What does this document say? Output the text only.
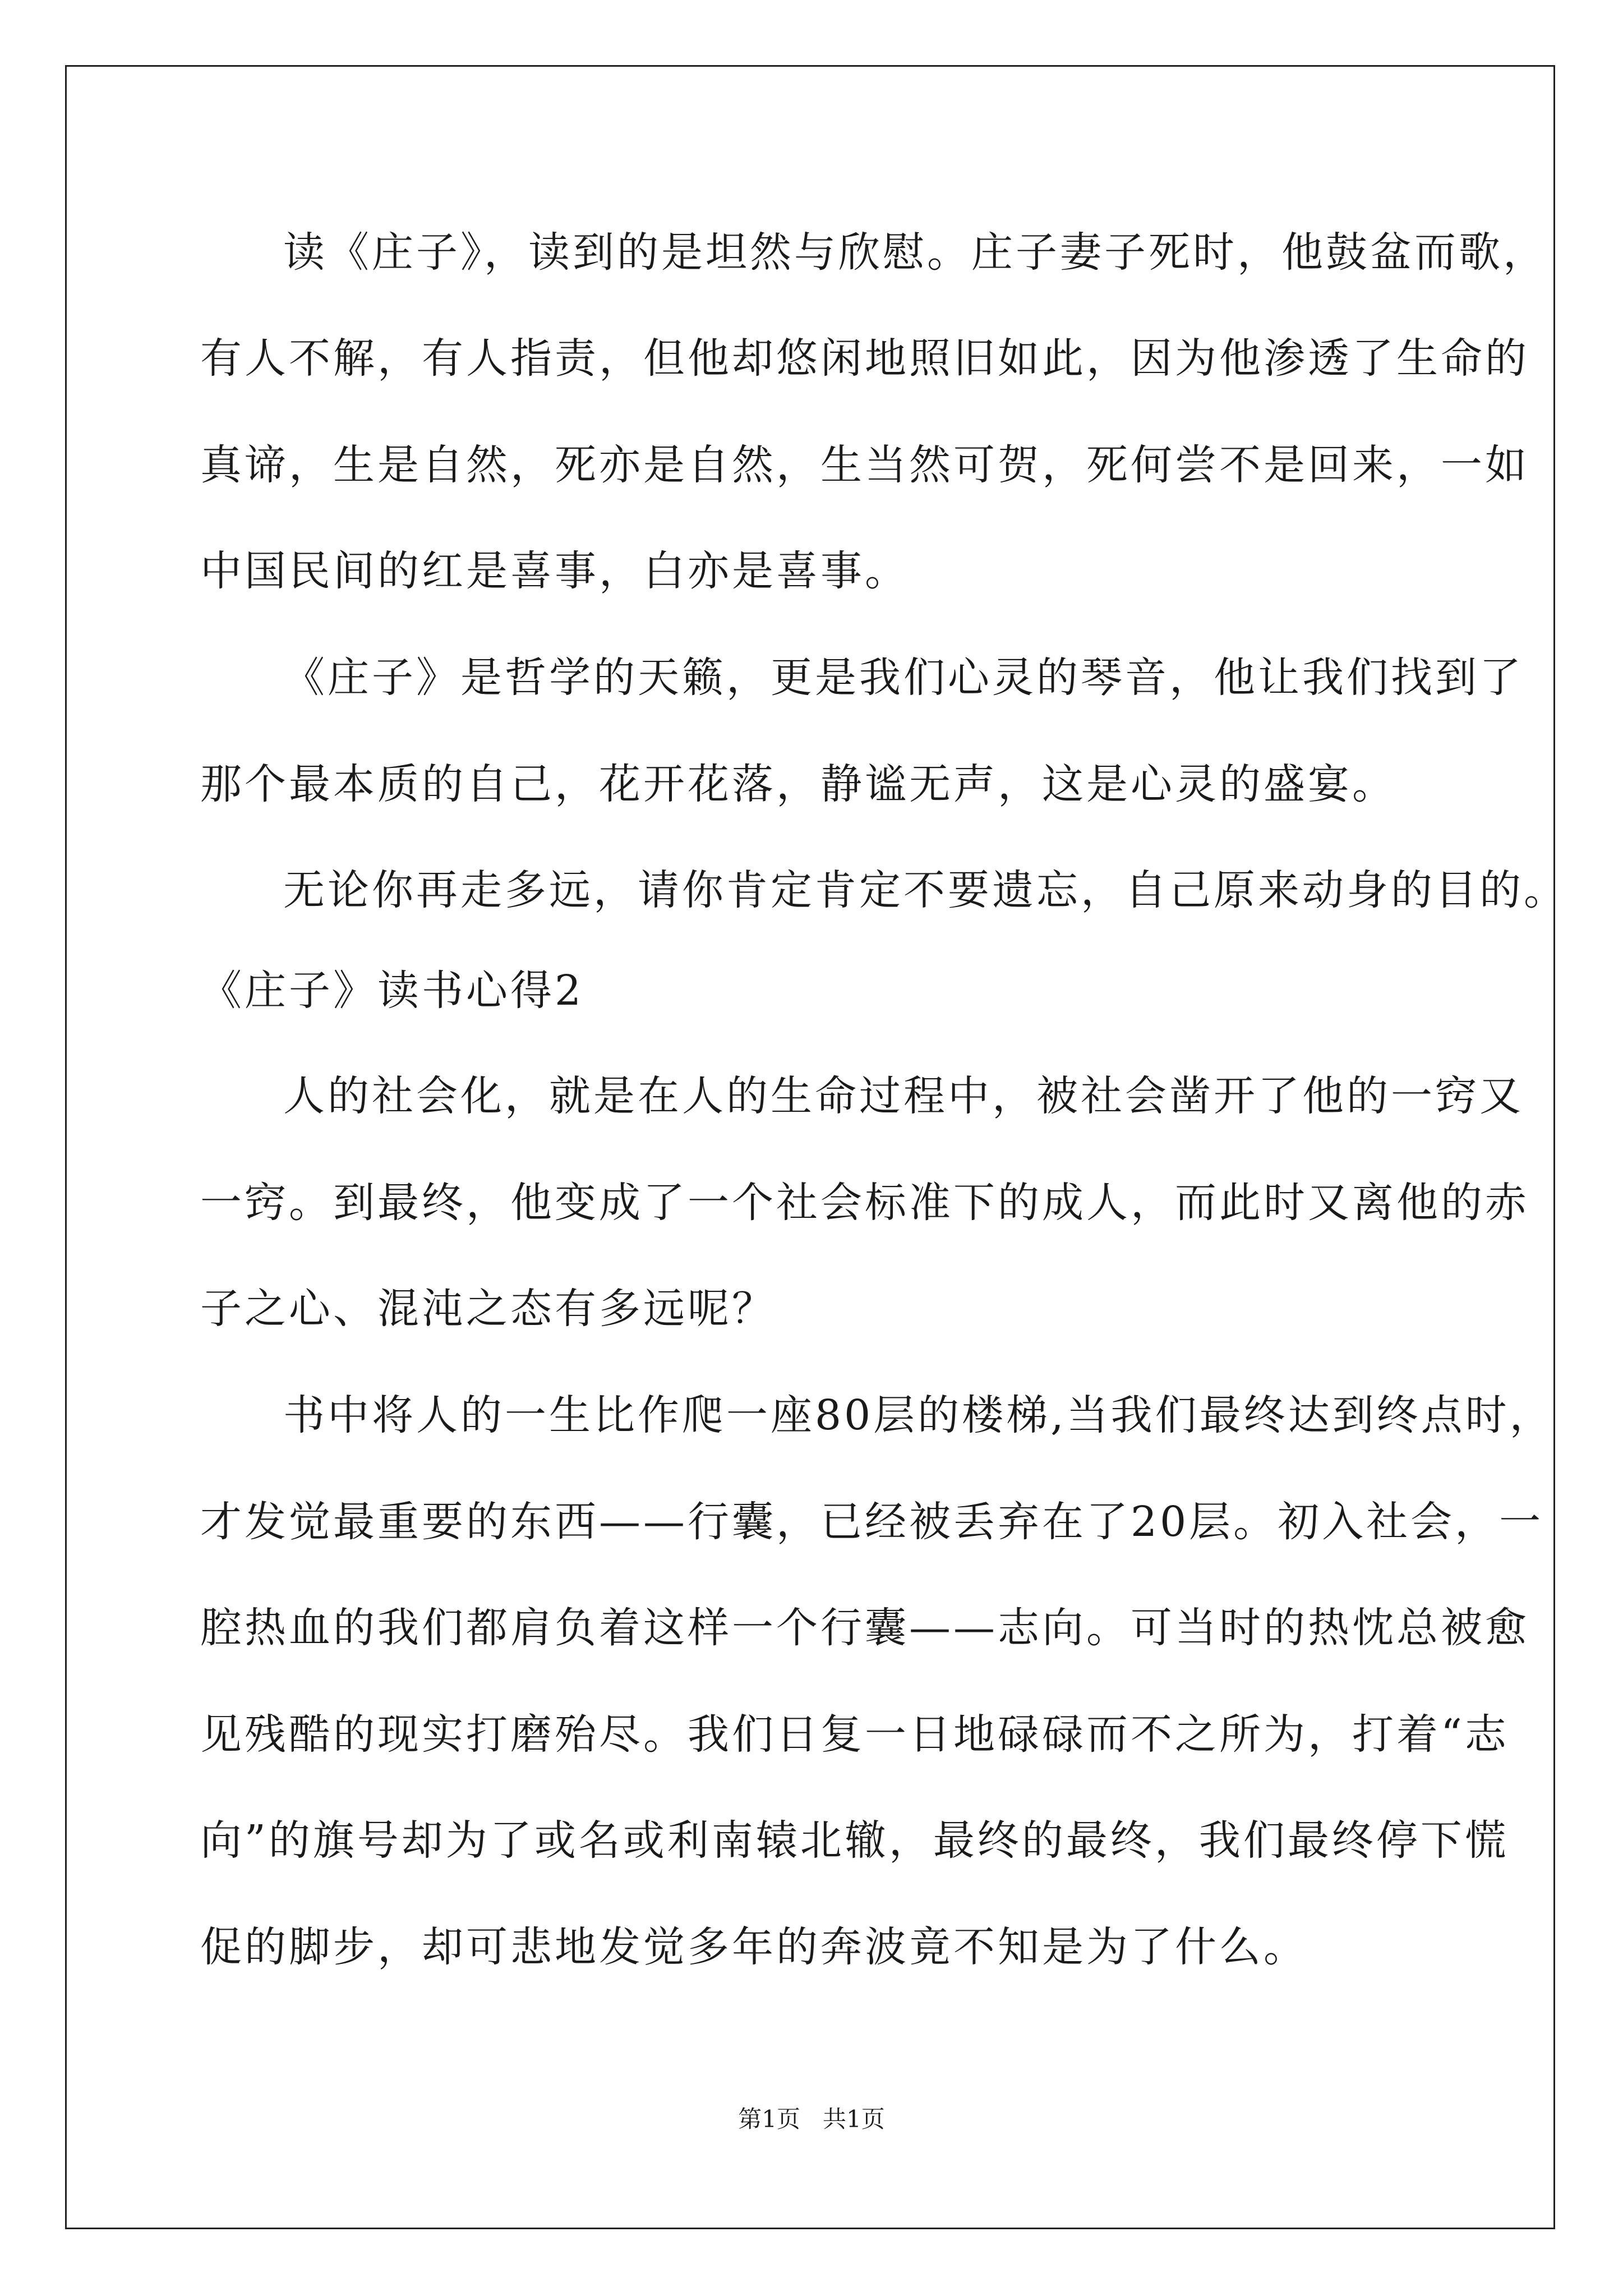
读《庄子》，读到的是坦然与欣慰。庄子妻子死时，他鼓盆而歌，
有人不解，有人指责，但他却悠闲地照旧如此，因为他渗透了生命的
真谛，生是自然，死亦是自然，生当然可贺，死何尝不是回来，一如
中国民间的红是喜事，白亦是喜事。
《庄子》是哲学的天籁，更是我们心灵的琴音，他让我们找到了
那个最本质的自己，花开花落，静谧无声，这是心灵的盛宴。
无论你再走多远，请你肯定肯定不要遗忘，自己原来动身的目的。
《庄子》读书心得2
人的社会化，就是在人的生命过程中，被社会凿开了他的一窍又
一窍。到最终，他变成了一个社会标准下的成人，而此时又离他的赤
子之心、混沌之态有多远呢？
书中将人的一生比作爬一座80层的楼梯,当我们最终达到终点时，
才发觉最重要的东西——行囊，已经被丢弃在了20层。初入社会，一
腔热血的我们都肩负着这样一个行囊——志向。可当时的热忱总被愈
见残酷的现实打磨殆尽。我们日复一日地碌碌而不之所为，打着“志
向”的旗号却为了或名或利南辕北辙，最终的最终，我们最终停下慌
促的脚步，却可悲地发觉多年的奔波竟不知是为了什么。
第1页   共1页
